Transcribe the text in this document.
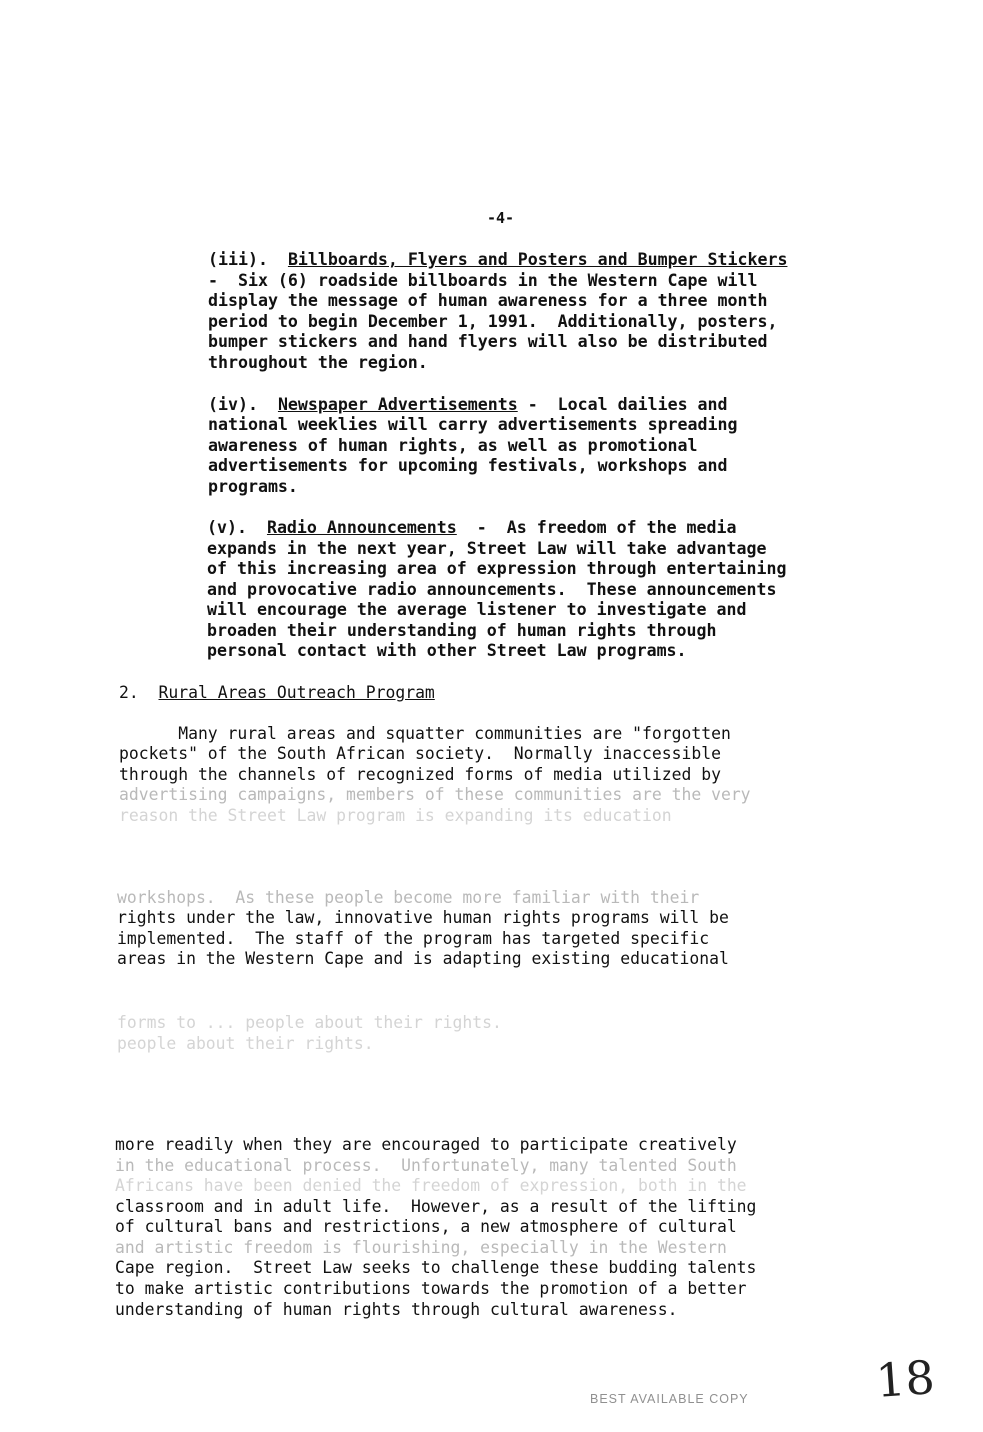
-4-
(iii). Billboards, Flyers and Posters and Bumper Stickers
-  Six (6) roadside billboards in the Western Cape will
display the message of human awareness for a three month
period to begin December 1, 1991.  Additionally, posters,
bumper stickers and hand flyers will also be distributed
throughout the region.
(iv). Newspaper Advertisements -  Local dailies and
national weeklies will carry advertisements spreading
awareness of human rights, as well as promotional
advertisements for upcoming festivals, workshops and
programs.
(v). Radio Announcements  -  As freedom of the media
expands in the next year, Street Law will take advantage
of this increasing area of expression through entertaining
and provocative radio announcements.  These announcements
will encourage the average listener to investigate and
broaden their understanding of human rights through
personal contact with other Street Law programs.
2. Rural Areas Outreach Program
Many rural areas and squatter communities are "forgotten
pockets" of the South African society.  Normally inaccessible
through the channels of recognized forms of media utilized by
advertising campaigns, members of these communities are the very
reason the Street Law program is expanding its education
workshops.  As these people become more familiar with their
rights under the law, innovative human rights programs will be
implemented.  The staff of the program has targeted specific
areas in the Western Cape and is adapting existing educational
forms to ... people about their rights.
people about their rights.
more readily when they are encouraged to participate creatively
in the educational process.  Unfortunately, many talented South
Africans have been denied the freedom of expression, both in the
classroom and in adult life.  However, as a result of the lifting
of cultural bans and restrictions, a new atmosphere of cultural
and artistic freedom is flourishing, especially in the Western
Cape region.  Street Law seeks to challenge these budding talents
to make artistic contributions towards the promotion of a better
understanding of human rights through cultural awareness.
BEST AVAILABLE COPY	18
